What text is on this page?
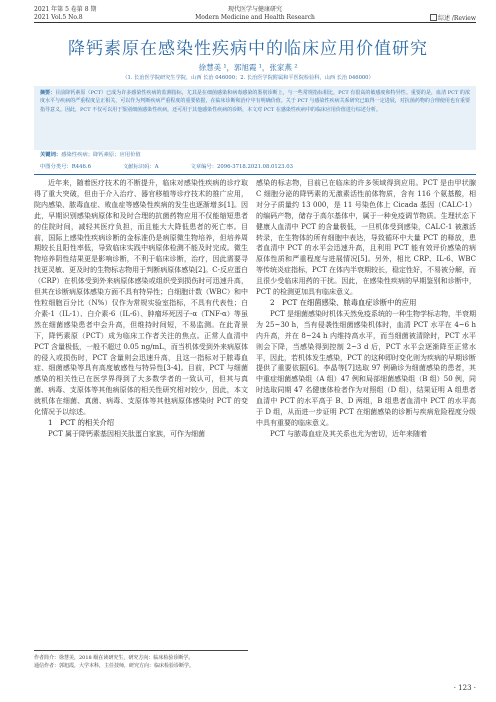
2021 年第 5 卷第 8 期
2021 Vol.5 No.8
现代医学与健康研究
Modern Medicine and Health Research	综述 /Review
降钙素原在感染性疾病中的临床应用价值研究
徐慧美 ¹，郭旭霞 ¹，张家燕 ²
（1. 长治医学院研究生学院，山西 长治 046000；2. 长治医学院附属和平医院检验科，山西 长治 046000）
摘要：目前降钙素原（PCT）已成为许多感染性疾病的监测指标，尤其是在细菌感染和病毒感染的鉴别诊断上，与一些常规指标相比，PCT 有很高的敏感度和特异性。重要的是，血清 PCT 的浓度水平与疾病的严重程度呈正相关，可以作为判断疾病严重程度的重要依据，在临床诊断和治疗中有明确价值。关于 PCT 与感染性疾病关系研究已取得一定进展，对抗菌药物的合理使用也有重要指导意义。因此，PCT 不仅可以用于鉴别细菌感染性疾病，还可用于其他感染性疾病的诊断，本文对 PCT 在感染性疾病中的临床应用价值进行综述分析。
关键词：感染性疾病；降钙素原；应用价值
中图分类号：R446.6	文献标识码：A	文章编号：2096-3718.2021.08.0123.03

近年来，随着医疗技术的不断提升，临床对感染性疾病的诊疗取得了重大突破，但由于介入治疗、器官移植等诊疗技术的推广应用，院内感染、脓毒血症、败血症等感染性疾病的发生也逐渐增多[1]。因此，早期识别感染病原体和及时合理的抗菌药物应用不仅能缩短患者的住院时间，减轻其医疗负担，而且能大大降低患者的死亡率。目前，国际上感染性疾病诊断的金标准仍是病原微生物培养，但培养周期较长且阳性率低，导致临床实践中病原体检测不能及时完成。微生物培养阴性结果更是影响诊断，不利于临床诊断，治疗，因此需要寻找更灵敏、更及时的生物标志物用于判断病原体感染[2]。C-反应蛋白（CRP）在机体受到外来病原体感染或组织受到损伤时可迅速升高，但其在诊断病原体感染方面不具有特异性；白细胞计数（WBC）和中性粒细胞百分比（N%）仅作为常规实验室指标，不具有代表性；白介素-1（IL-1）、白介素-6（IL-6）、肿瘤坏死因子-α（TNF-α）等虽然在细菌感染患者中会升高，但维持时间短，不易监测。在此背景下，降钙素原（PCT）成为临床工作者关注的焦点。正常人血清中 PCT 含量极低，一般不超过 0.05 ng/mL，而当机体受到外来病原体的侵入或损伤时，PCT 含量则会迅速升高，且这一指标对于脓毒血症、细菌感染等具有高度敏感性与特异性[3-4]。目前，PCT 与细菌感染的相关性已在医学界得到了大多数学者的一致认可，但其与真菌、病毒、支原体等其他病原体的相关性研究相对较少，因此，本文就机体在细菌、真菌、病毒、支原体等其他病原体感染时 PCT 的变化情况予以综述。

1　PCT 的相关介绍

PCT 属于降钙素基因相关肽蛋白家族，可作为细菌

感染的标志物，目前已在临床的许多领域得到应用。PCT 是由甲状腺 C 细胞分泌的降钙素的无激素活性前体物质，含有 116 个氨基酸，相对分子质量约 13 000，是 11 号染色体上 Cicada 基因（CALC-1）的编码产物，储存于高尔基体中，属于一种免疫调节物质。生理状态下健康人血清中 PCT 的含量极低，一旦机体受到感染，CALC-1 被激活转录，在生物体的所有细胞中表达，导致循环中大量 PCT 的释放，患者血清中 PCT 的水平会迅速升高，且利用 PCT 能有效评价感染的病原体性质和严重程度与进展情况[5]。另外，相比 CRP、IL-6、WBC 等传统炎症指标，PCT 在体内半衰期较长，稳定性好，不易被分解，而且很少受临床用药的干扰。因此，在感染性疾病的早期鉴别和诊断中，PCT 的检测更加具有临床意义。

2　PCT 在细菌感染、脓毒血症诊断中的应用

PCT 是细菌感染时机体天然免疫系统的一种生物学标志物，半衰期为 25~30 h，当有侵袭性细菌感染机体时，血清 PCT 水平在 4~6 h 内升高，并在 8~24 h 内维持高水平，而当细菌被清除时，PCT 水平则会下降，当感染得到控制 2~3 d 后，PCT 水平会逐渐降至正常水平，因此，若机体发生感染，PCT 的这种即时变化则为疾病的早期诊断提供了重要依据[6]。李晶等[7]选取 97 例确诊为细菌感染的患者，其中重症细菌感染组（A 组）47 例和局部细菌感染组（B 组）50 例，同时选取同期 47 名健康体检者作为对照组（D 组），结果证明 A 组患者血清中 PCT 的水平高于 B、D 两组，B 组患者血清中 PCT 的水平高于 D 组，从而进一步证明 PCT 在细菌感染的诊断与疾病危险程度分级中具有重要的临床意义。

PCT 与脓毒血症及其关系也尤为密切，近年来随着

作者简介：徐慧美，2018 级在读研究生，研究方向：临床检验诊断学。
通信作者：郭旭霞，大学本科，主任技师，研究方向：临床检验诊断学。
· 123 ·
